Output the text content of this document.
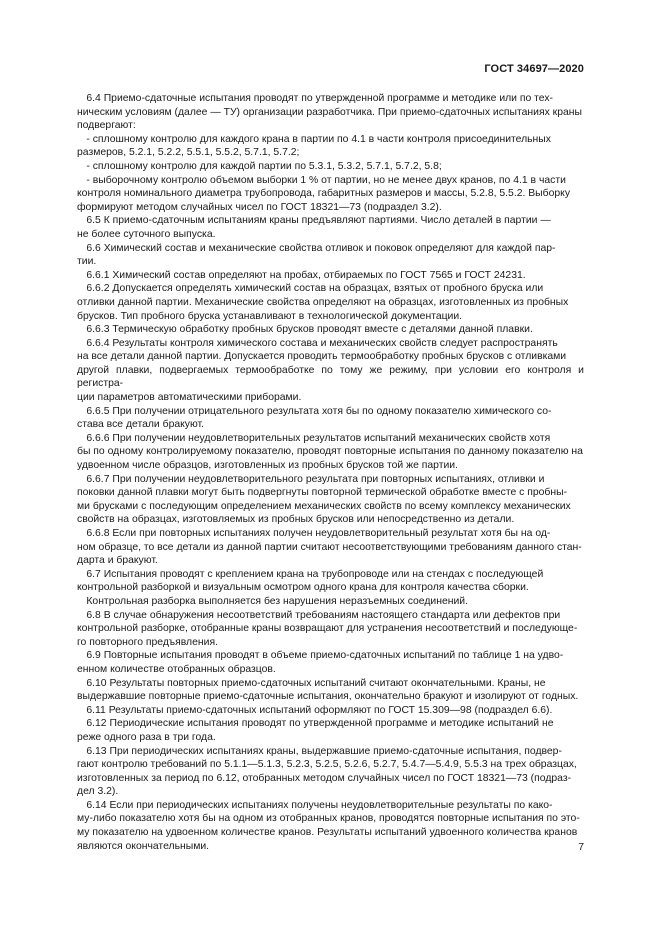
ГОСТ 34697—2020

6.4 Приемо-сдаточные испытания проводят по утвержденной программе и методике или по тех-
ническим условиям (далее — ТУ) организации разработчика. При приемо-сдаточных испытаниях краны
подвергают:

- сплошному контролю для каждого крана в партии по 4.1 в части контроля присоединительных
размеров, 5.2.1, 5.2.2, 5.5.1, 5.5.2, 5.7.1, 5.7.2;

- сплошному контролю для каждой партии по 5.3.1, 5.3.2, 5.7.1, 5.7.2, 5.8;

- выборочному контролю объемом выборки 1 % от партии, но не менее двух кранов, по 4.1 в части
контроля номинального диаметра трубопровода, габаритных размеров и массы, 5.2.8, 5.5.2. Выборку
формируют методом случайных чисел по ГОСТ 18321—73 (подраздел 3.2).

6.5 К приемо-сдаточным испытаниям краны предъявляют партиями. Число деталей в партии —
не более суточного выпуска.

6.6 Химический состав и механические свойства отливок и поковок определяют для каждой пар-
тии.

6.6.1 Химический состав определяют на пробах, отбираемых по ГОСТ 7565 и ГОСТ 24231.

6.6.2 Допускается определять химический состав на образцах, взятых от пробного бруска или
отливки данной партии. Механические свойства определяют на образцах, изготовленных из пробных
брусков. Тип пробного бруска устанавливают в технологической документации.

6.6.3 Термическую обработку пробных брусков проводят вместе с деталями данной плавки.

6.6.4 Результаты контроля химического состава и механических свойств следует распространять
на все детали данной партии. Допускается проводить термообработку пробных брусков с отливками
другой плавки, подвергаемых термообработке по тому же режиму, при условии его контроля и регистра-
ции параметров автоматическими приборами.

6.6.5 При получении отрицательного результата хотя бы по одному показателю химического со-
става все детали бракуют.

6.6.6 При получении неудовлетворительных результатов испытаний механических свойств хотя
бы по одному контролируемому показателю, проводят повторные испытания по данному показателю на
удвоенном числе образцов, изготовленных из пробных брусков той же партии.

6.6.7 При получении неудовлетворительного результата при повторных испытаниях, отливки и
поковки данной плавки могут быть подвергнуты повторной термической обработке вместе с пробны-
ми брусками с последующим определением механических свойств по всему комплексу механических
свойств на образцах, изготовляемых из пробных брусков или непосредственно из детали.

6.6.8 Если при повторных испытаниях получен неудовлетворительный результат хотя бы на од-
ном образце, то все детали из данной партии считают несоответствующими требованиям данного стан-
дарта и бракуют.

6.7 Испытания проводят с креплением крана на трубопроводе или на стендах с последующей
контрольной разборкой и визуальным осмотром одного крана для контроля качества сборки.

Контрольная разборка выполняется без нарушения неразъемных соединений.

6.8 В случае обнаружения несоответствий требованиям настоящего стандарта или дефектов при
контрольной разборке, отобранные краны возвращают для устранения несоответствий и последующе-
го повторного предъявления.

6.9 Повторные испытания проводят в объеме приемо-сдаточных испытаний по таблице 1 на удво-
енном количестве отобранных образцов.

6.10 Результаты повторных приемо-сдаточных испытаний считают окончательными. Краны, не
выдержавшие повторные приемо-сдаточные испытания, окончательно бракуют и изолируют от годных.

6.11 Результаты приемо-сдаточных испытаний оформляют по ГОСТ 15.309—98 (подраздел 6.6).

6.12 Периодические испытания проводят по утвержденной программе и методике испытаний не
реже одного раза в три года.

6.13 При периодических испытаниях краны, выдержавшие приемо-сдаточные испытания, подвер-
гают контролю требований по 5.1.1—5.1.3, 5.2.3, 5.2.5, 5.2.6, 5.2.7, 5.4.7—5.4.9, 5.5.3 на трех образцах,
изготовленных за период по 6.12, отобранных методом случайных чисел по ГОСТ 18321—73 (подраз-
дел 3.2).

6.14 Если при периодических испытаниях получены неудовлетворительные результаты по како-
му-либо показателю хотя бы на одном из отобранных кранов, проводятся повторные испытания по это-
му показателю на удвоенном количестве кранов. Результаты испытаний удвоенного количества кранов
являются окончательными.	7
